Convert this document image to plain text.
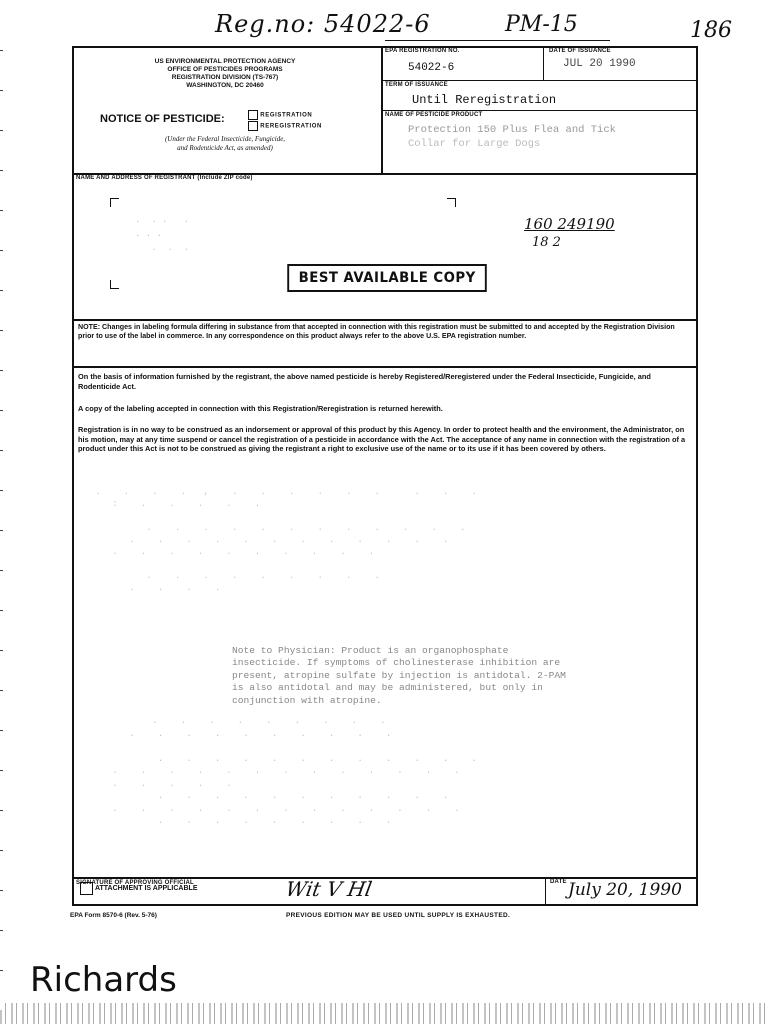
Reg.no: 54022-6	PM-15	186
US ENVIRONMENTAL PROTECTION AGENCY
OFFICE OF PESTICIDES PROGRAMS
REGISTRATION DIVISION (TS-767)
WASHINGTON, DC 20460
NOTICE OF PESTICIDE:	REGISTRATION
REREGISTRATION
(Under the Federal Insecticide, Fungicide,
and Rodenticide Act, as amended)
EPA REGISTRATION NO.
54022-6
DATE OF ISSUANCE
JUL 20 1990
TERM OF ISSUANCE
Until Reregistration
NAME OF PESTICIDE PRODUCT
Protection 150 Plus Flea and Tick
Collar for Large Dogs
NAME AND ADDRESS OF REGISTRANT (Include ZIP code)
.  . .   .
. . .
.  .  .
160 249190
18 2
BEST AVAILABLE COPY
NOTE: Changes in labeling formula differing in substance from that accepted in connection with this registration must be submitted to and accepted by the Registration Division prior to use of the label in commerce. In any correspondence on this product always refer to the above U.S. EPA registration number.
On the basis of information furnished by the registrant, the above named pesticide is hereby Registered/Reregistered under the Federal Insecticide, Fungicide, and Rodenticide Act.
A copy of the labeling accepted in connection with this Registration/Reregistration is returned herewith.
Registration is in no way to be construed as an indorsement or approval of this product by this Agency. In order to protect health and the environment, the Administrator, on his motion, may at any time suspend or cancel the registration of a pesticide in accordance with the Act. The acceptance of any name in connection with the registration of a product under this Act is not to be construed as giving the registrant a right to exclusive use of the name or to its use if it has been covered by others.
.    .    .    .   ,    .    .    .    .    .    .      .    .    .
:    .    .    .    .    .

.    .    .    .    .    .    .    .    .    .    .    .
.    .    .    .    .    .    .    .    .    .    .    .
.    .    .    .    .    .    .    .    .    .

.    .    .    .    .    .    .    .    .
.    .    .    .
Note to Physician: Product is an organophosphate
insecticide. If symptoms of cholinesterase inhibition are
present, atropine sulfate by injection is antidotal. 2-PAM
is also antidotal and may be administered, but only in
conjunction with atropine.
.    .    .    .    .    .    .    .    .
.    .    .    .    .    .    .    .    .    .

.    .    .    .    .    .    .    .    .    .    .    .
.    .    .    .    .    .    .    .    .    .    .    .    .
.    .    .    .    .
.    .    .    .    .    .    .    .    .    .    .
.    .    .    .    .    .    .    .    .    .    .    .    .
.    .    .    .    .    .    .    .    .
ATTACHMENT IS APPLICABLE
SIGNATURE OF APPROVING OFFICIAL	Wit V Hl	DATE July 20, 1990
EPA Form 8570-6 (Rev. 5-76)	PREVIOUS EDITION MAY BE USED UNTIL SUPPLY IS EXHAUSTED.
Richards
